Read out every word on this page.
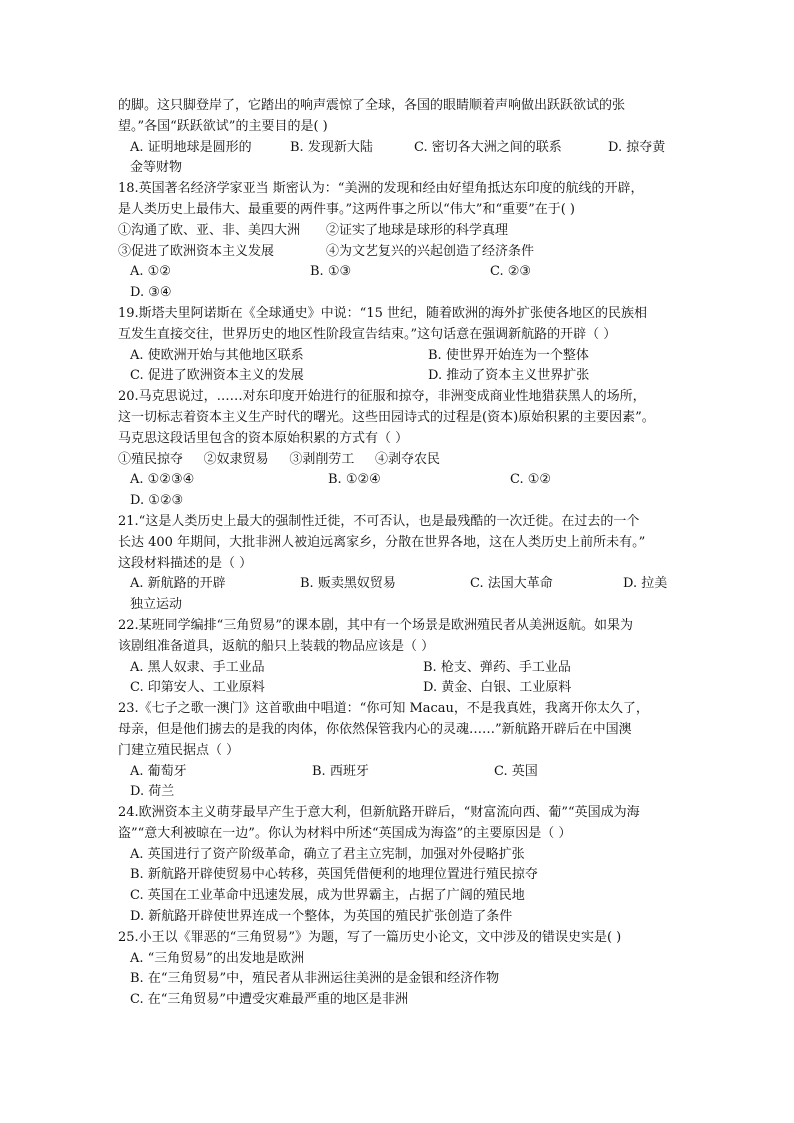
的脚。这只脚登岸了，它踏出的响声震惊了全球，各国的眼睛顺着声响做出跃跃欲试的张
望。”各国“跃跃欲试”的主要目的是( )
A. 证明地球是圆形的	B. 发现新大陆	C. 密切各大洲之间的联系	D. 掠夺黄
金等财物
18.英国著名经济学家亚当 斯密认为：“美洲的发现和经由好望角抵达东印度的航线的开辟，
是人类历史上最伟大、最重要的两件事。”这两件事之所以“伟大”和“重要”在于( )
①沟通了欧、亚、非、美四大洲 ②证实了地球是球形的科学真理
③促进了欧洲资本主义发展	④为文艺复兴的兴起创造了经济条件
A. ①②	B. ①③	C. ②③
D. ③④
19.斯塔夫里阿诺斯在《全球通史》中说：“15 世纪，随着欧洲的海外扩张使各地区的民族相
互发生直接交往，世界历史的地区性阶段宣告结束。”这句话意在强调新航路的开辟（ ）
A. 使欧洲开始与其他地区联系	B. 使世界开始连为一个整体
C. 促进了欧洲资本主义的发展	D. 推动了资本主义世界扩张
20.马克思说过，……对东印度开始进行的征服和掠夺，非洲变成商业性地猎获黑人的场所，
这一切标志着资本主义生产时代的曙光。这些田园诗式的过程是(资本)原始积累的主要因素”。
马克思这段话里包含的资本原始积累的方式有（ ）
①殖民掠夺     ②奴隶贸易     ③剥削劳工     ④剥夺农民
A. ①②③④	B. ①②④	C. ①②
D. ①②③
21.“这是人类历史上最大的强制性迁徙，不可否认，也是最残酷的一次迁徙。在过去的一个
长达 400 年期间，大批非洲人被迫远离家乡，分散在世界各地，这在人类历史上前所未有。”
这段材料描述的是（ ）
A. 新航路的开辟	B. 贩卖黑奴贸易	C. 法国大革命	D. 拉美
独立运动
22.某班同学编排“三角贸易”的课本剧，其中有一个场景是欧洲殖民者从美洲返航。如果为
该剧组准备道具，返航的船只上装载的物品应该是（ ）
A. 黑人奴隶、手工业品	B. 枪支、弹药、手工业品
C. 印第安人、工业原料	D. 黄金、白银、工业原料
23.《七子之歌一澳门》这首歌曲中唱道：“你可知 Macau，不是我真姓，我离开你太久了，
母亲，但是他们掳去的是我的肉体，你依然保管我内心的灵魂……”新航路开辟后在中国澳
门建立殖民据点（ ）
A. 葡萄牙	B. 西班牙	C. 英国
D. 荷兰
24.欧洲资本主义萌芽最早产生于意大利，但新航路开辟后，“财富流向西、葡”“英国成为海
盗”“意大利被晾在一边”。你认为材料中所述“英国成为海盗”的主要原因是（ ）
A. 英国进行了资产阶级革命，确立了君主立宪制，加强对外侵略扩张
B. 新航路开辟使贸易中心转移，英国凭借便利的地理位置进行殖民掠夺
C. 英国在工业革命中迅速发展，成为世界霸主，占据了广阔的殖民地
D. 新航路开辟使世界连成一个整体，为英国的殖民扩张创造了条件
25.小王以《罪恶的“三角贸易”》为题，写了一篇历史小论文，文中涉及的错误史实是( )
A. “三角贸易”的出发地是欧洲
B. 在“三角贸易”中，殖民者从非洲运往美洲的是金银和经济作物
C. 在“三角贸易”中遭受灾难最严重的地区是非洲
